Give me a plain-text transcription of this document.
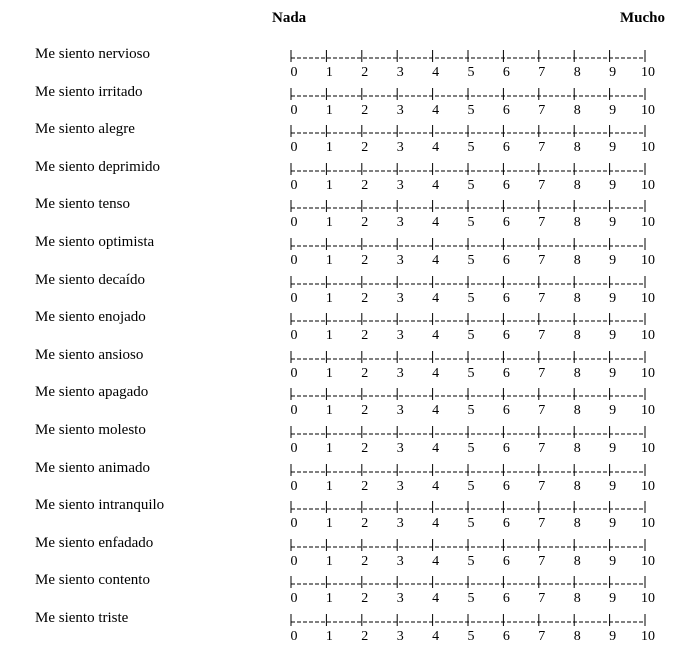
Nada	Mucho
Me siento nervioso
0 1 2 3 4 5 6 7 8 9 10
Me siento irritado
0 1 2 3 4 5 6 7 8 9 10
Me siento alegre
0 1 2 3 4 5 6 7 8 9 10
Me siento deprimido
0 1 2 3 4 5 6 7 8 9 10
Me siento tenso
0 1 2 3 4 5 6 7 8 9 10
Me siento optimista
0 1 2 3 4 5 6 7 8 9 10
Me siento decaído
0 1 2 3 4 5 6 7 8 9 10
Me siento enojado
0 1 2 3 4 5 6 7 8 9 10
Me siento ansioso
0 1 2 3 4 5 6 7 8 9 10
Me siento apagado
0 1 2 3 4 5 6 7 8 9 10
Me siento molesto
0 1 2 3 4 5 6 7 8 9 10
Me siento animado
0 1 2 3 4 5 6 7 8 9 10
Me siento intranquilo
0 1 2 3 4 5 6 7 8 9 10
Me siento enfadado
0 1 2 3 4 5 6 7 8 9 10
Me siento contento
0 1 2 3 4 5 6 7 8 9 10
Me siento triste
0 1 2 3 4 5 6 7 8 9 10
